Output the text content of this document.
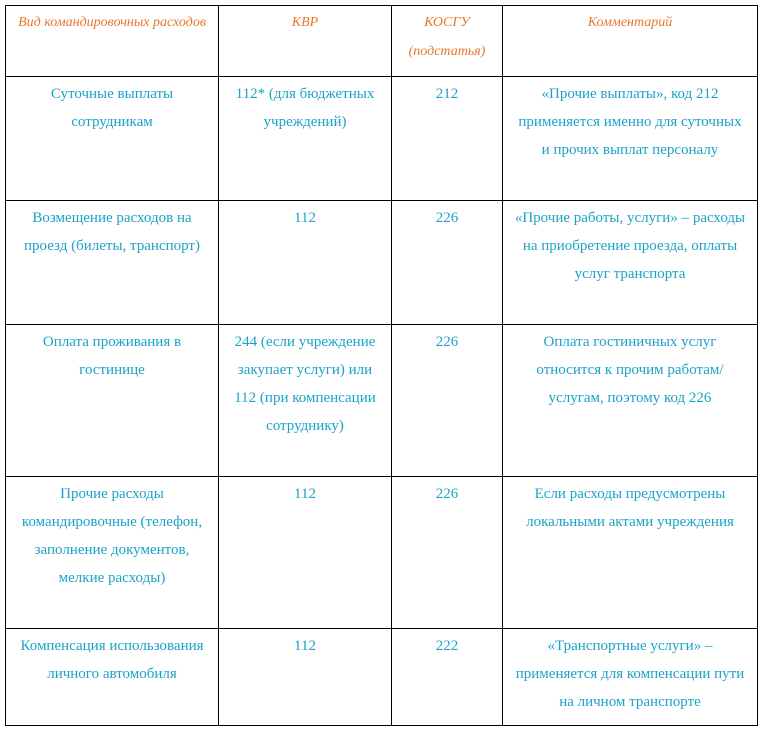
Вид командировочных расходов	КВР	КОСГУ (подстатья)	Комментарий
Суточные выплаты сотрудникам	112* (для бюджетных учреждений)	212	«Прочие выплаты», код 212 применяется именно для суточных и прочих выплат персоналу
Возмещение расходов на проезд (билеты, транспорт)	112	226	«Прочие работы, услуги» – расходы на приобретение проезда, оплаты услуг транспорта
Оплата проживания в гостинице	244 (если учреждение закупает услуги) или 112 (при компенсации сотруднику)	226	Оплата гостиничных услуг относится к прочим работам/услугам, поэтому код 226
Прочие расходы командировочные (телефон, заполнение документов, мелкие расходы)	112	226	Если расходы предусмотрены локальными актами учреждения
Компенсация использования личного автомобиля	112	222	«Транспортные услуги» – применяется для компенсации пути на личном транспорте
